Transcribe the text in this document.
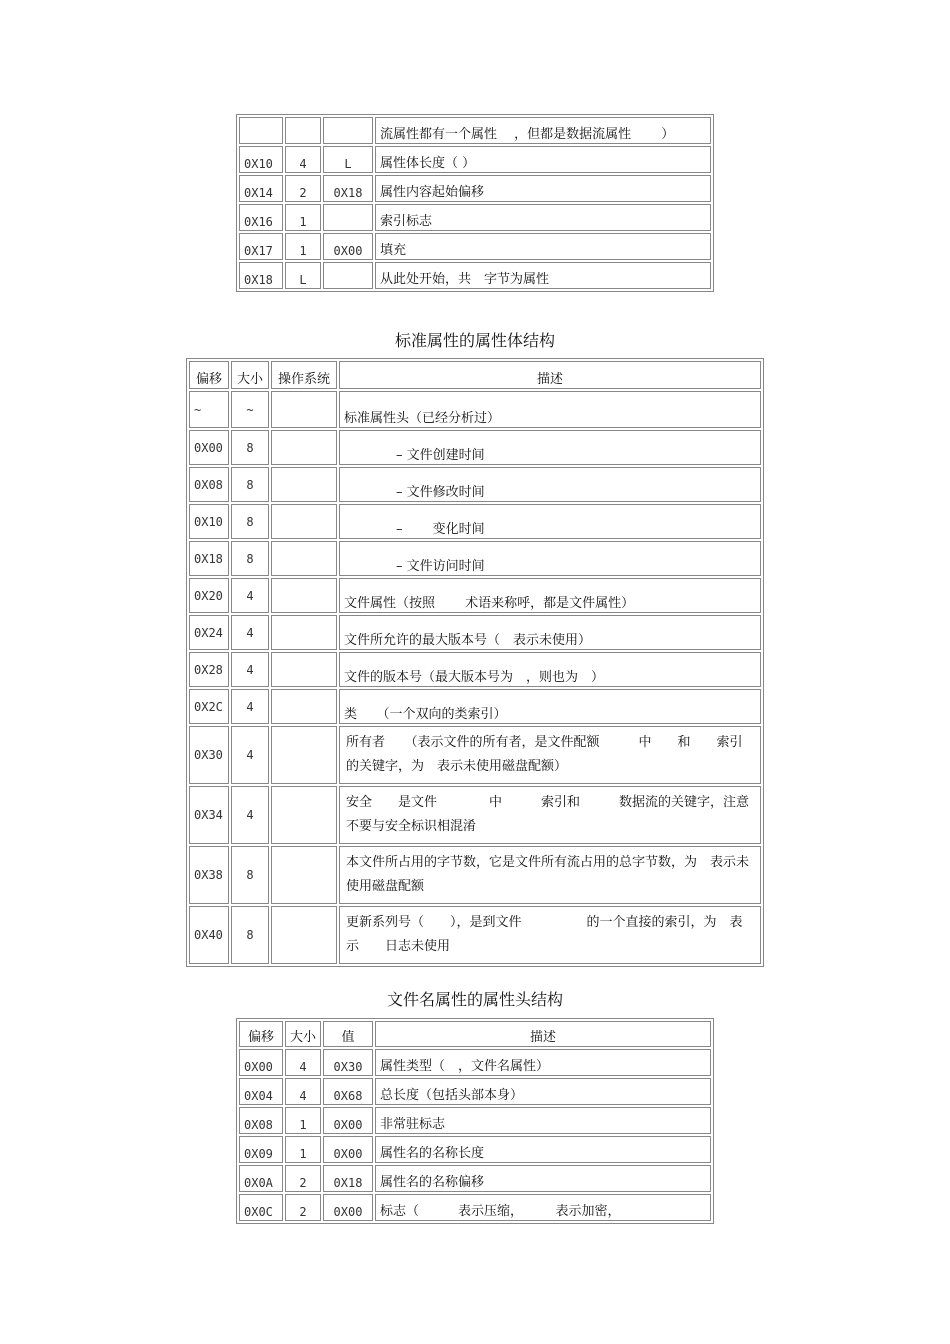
			流属性都有一个属性　 ，但都是数据流属性　　 ）
0X10	4	L	属性体长度（ ）
0X14	2	0X18	属性内容起始偏移
0X16	1		索引标志
0X17	1	0X00	填充
0X18	L		从此处开始，共　字节为属性
标准属性的属性体结构
偏移	大小	操作系统	描述
~	~		标准属性头（已经分析过）
0X00	8		　　　　– 文件创建时间
0X08	8		　　　　– 文件修改时间
0X10	8		　　　　–　　 变化时间
0X18	8		　　　　– 文件访问时间
0X20	4		文件属性（按照　　 术语来称呼，都是文件属性）
0X24	4		文件所允许的最大版本号（　表示未使用）
0X28	4		文件的版本号（最大版本号为　，则也为　）
0X2C	4		类　　（一个双向的类索引）
0X30	4		所有者　　（表示文件的所有者，是文件配额　　　中　　和　　索引的关键字，为　表示未使用磁盘配额）
0X34	4		安全　　是文件　　　　中　　　索引和　　　数据流的关键字，注意不要与安全标识相混淆
0X38	8		本文件所占用的字节数，它是文件所有流占用的总字节数，为　表示未使用磁盘配额
0X40	8		更新系列号（　　），是到文件　　　　　的一个直接的索引，为　表示　　日志未使用
文件名属性的属性头结构
偏移	大小	值	描述
0X00	4	0X30	属性类型（　，文件名属性）
0X04	4	0X68	总长度（包括头部本身）
0X08	1	0X00	非常驻标志
0X09	1	0X00	属性名的名称长度
0X0A	2	0X18	属性名的名称偏移
0X0C	2	0X00	标志（　　　表示压缩，　　　表示加密，
